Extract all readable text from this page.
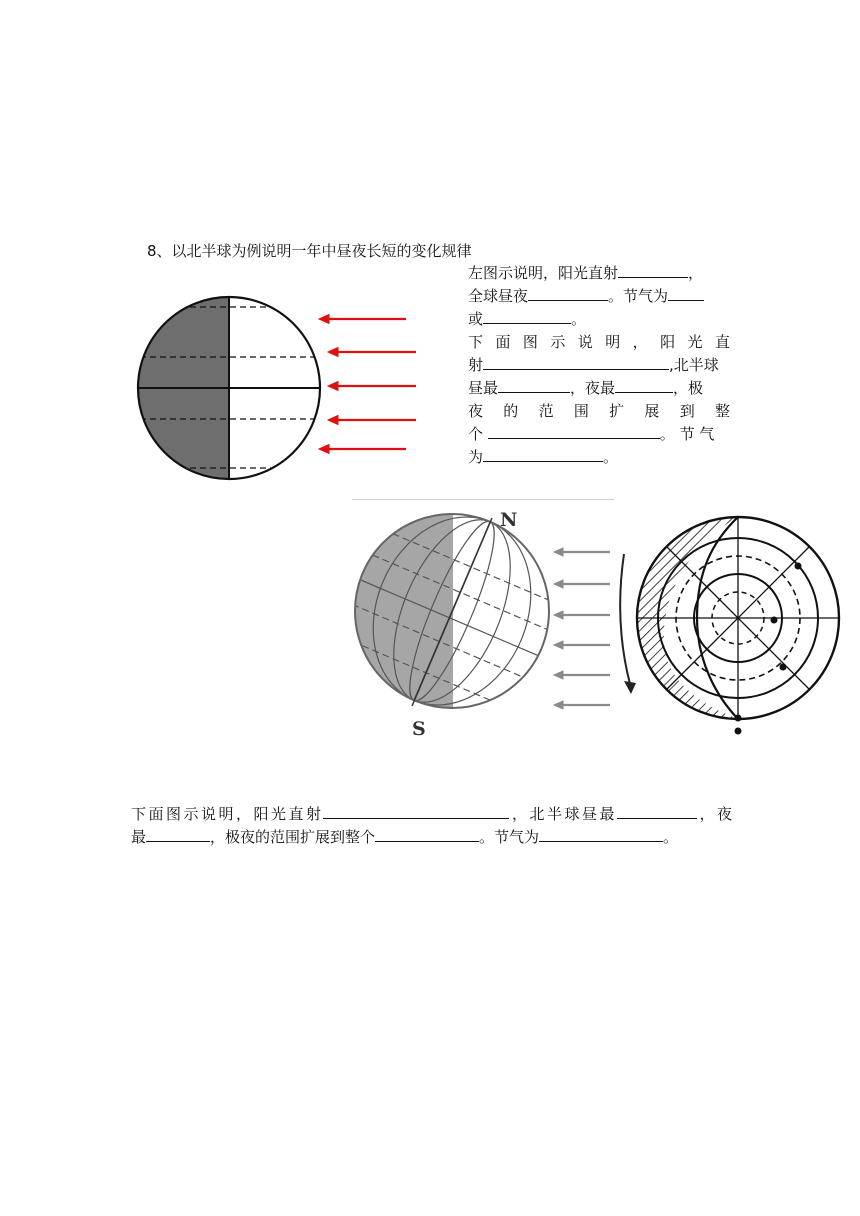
8、以北半球为例说明一年中昼夜长短的变化规律
左图示说明，阳光直射	，
全球昼夜	。节气为
或	。
下 面 图 示 说 明 ， 阳 光 直
射	,北半球
昼最	，夜最	，极
夜 的 范 围 扩 展 到 整
个	。 节 气
为	。
N
S
下面图示说明，阳光直射	，北半球昼最	，夜
最	，极夜的范围扩展到整个	。节气为	。
